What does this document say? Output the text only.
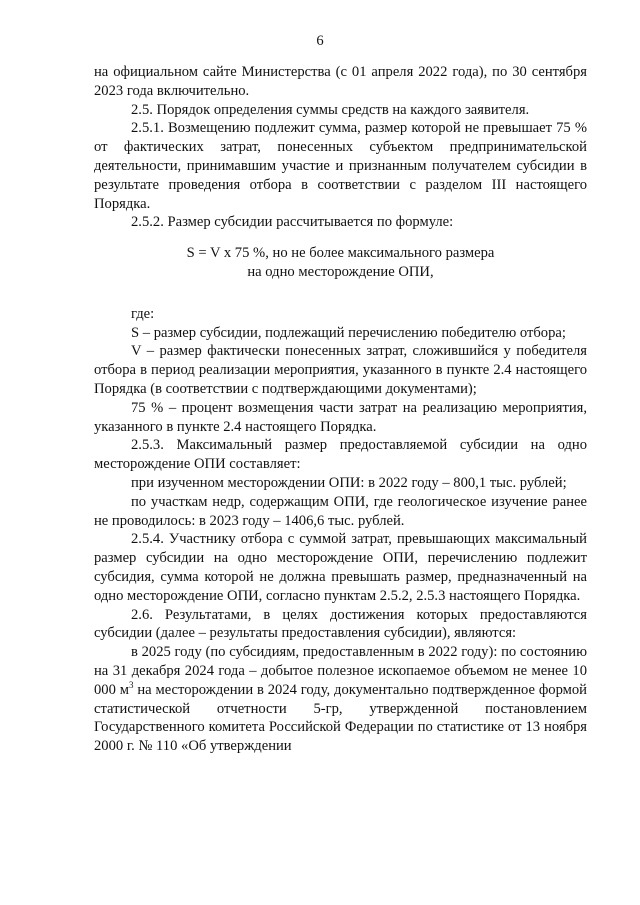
6

на официальном сайте Министерства (с 01 апреля 2022 года), по 30 сентября 2023 года включительно.

2.5. Порядок определения суммы средств на каждого заявителя.

2.5.1. Возмещению подлежит сумма, размер которой не превышает 75 % от фактических затрат, понесенных субъектом предпринимательской деятельности, принимавшим участие и признанным получателем субсидии в результате проведения отбора в соответствии с разделом III настоящего Порядка.

2.5.2. Размер субсидии рассчитывается по формуле:

S = V x 75 %, но не более максимального размера

на одно месторождение ОПИ,

где:

S – размер субсидии, подлежащий перечислению победителю отбора;

V – размер фактически понесенных затрат, сложившийся у победителя отбора в период реализации мероприятия, указанного в пункте 2.4 настоящего Порядка (в соответствии с подтверждающими документами);

75 % – процент возмещения части затрат на реализацию мероприятия, указанного в пункте 2.4 настоящего Порядка.

2.5.3. Максимальный размер предоставляемой субсидии на одно месторождение ОПИ составляет:

при изученном месторождении ОПИ: в 2022 году – 800,1 тыс. рублей;

по участкам недр, содержащим ОПИ, где геологическое изучение ранее не проводилось: в 2023 году – 1406,6 тыс. рублей.

2.5.4. Участнику отбора с суммой затрат, превышающих максимальный размер субсидии на одно месторождение ОПИ, перечислению подлежит субсидия, сумма которой не должна превышать размер, предназначенный на одно месторождение ОПИ, согласно пунктам 2.5.2, 2.5.3 настоящего Порядка.

2.6. Результатами, в целях достижения которых предоставляются субсидии (далее – результаты предоставления субсидии), являются:

в 2025 году (по субсидиям, предоставленным в 2022 году): по состоянию на 31 декабря 2024 года – добытое полезное ископаемое объемом не менее 10 000 $м^3$ на месторождении в 2024 году, документально подтвержденное формой статистической отчетности 5-гр, утвержденной постановлением Государственного комитета Российской Федерации по статистике от 13 ноября 2000 г. № 110 «Об утверждении
